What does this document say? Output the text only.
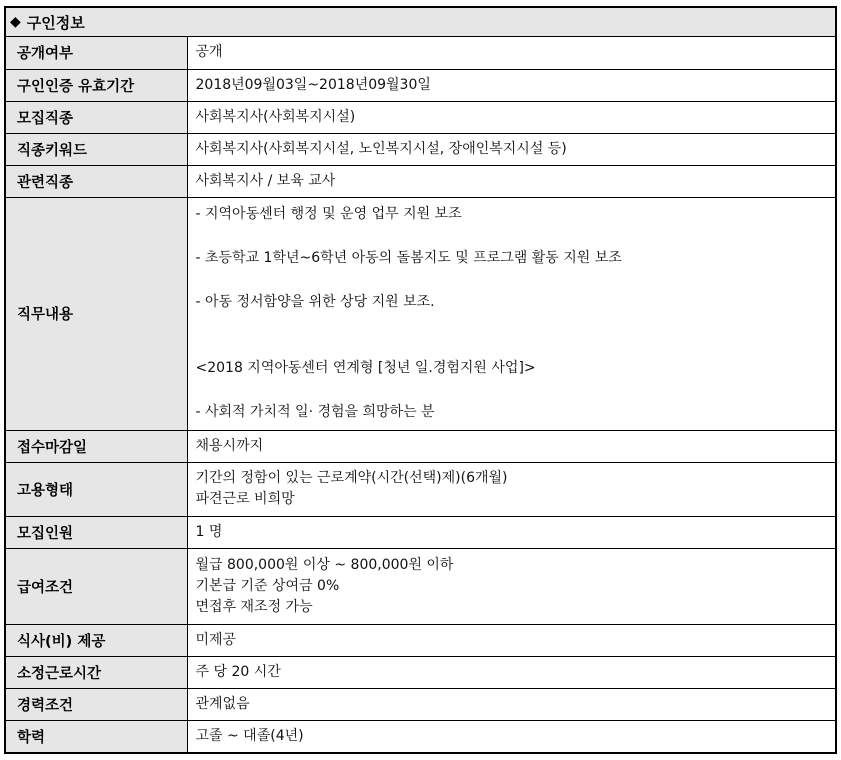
◆ 구인정보
공개여부	공개

구인인증 유효기간	2018년09월03일~2018년09월30일

모집직종	사회복지사(사회복지시설)

직종키워드	사회복지사(사회복지시설, 노인복지시설, 장애인복지시설 등)

관련직종	사회복지사 / 보육 교사

직무내용	- 지역아동센터 행정 및 운영 업무 지원 보조
- 초등학교 1학년~6학년 아동의 돌봄지도 및 프로그램 활동 지원 보조
- 아동 정서함양을 위한 상당 지원 보조.
<2018 지역아동센터 연계형 [청년 일.경험지원 사업]>
- 사회적 가치적 일· 경험을 희망하는 분

접수마감일	채용시까지

고용형태	기간의 정함이 있는 근로계약(시간(선택)제)(6개월)
파견근로 비희망

모집인원	1 명

급여조건	월급 800,000원 이상 ~ 800,000원 이하
기본급 기준 상여금 0%
면접후 재조정 가능

식사(비) 제공	미제공

소정근로시간	주 당 20 시간

경력조건	관계없음

학력	고졸 ~ 대졸(4년)
